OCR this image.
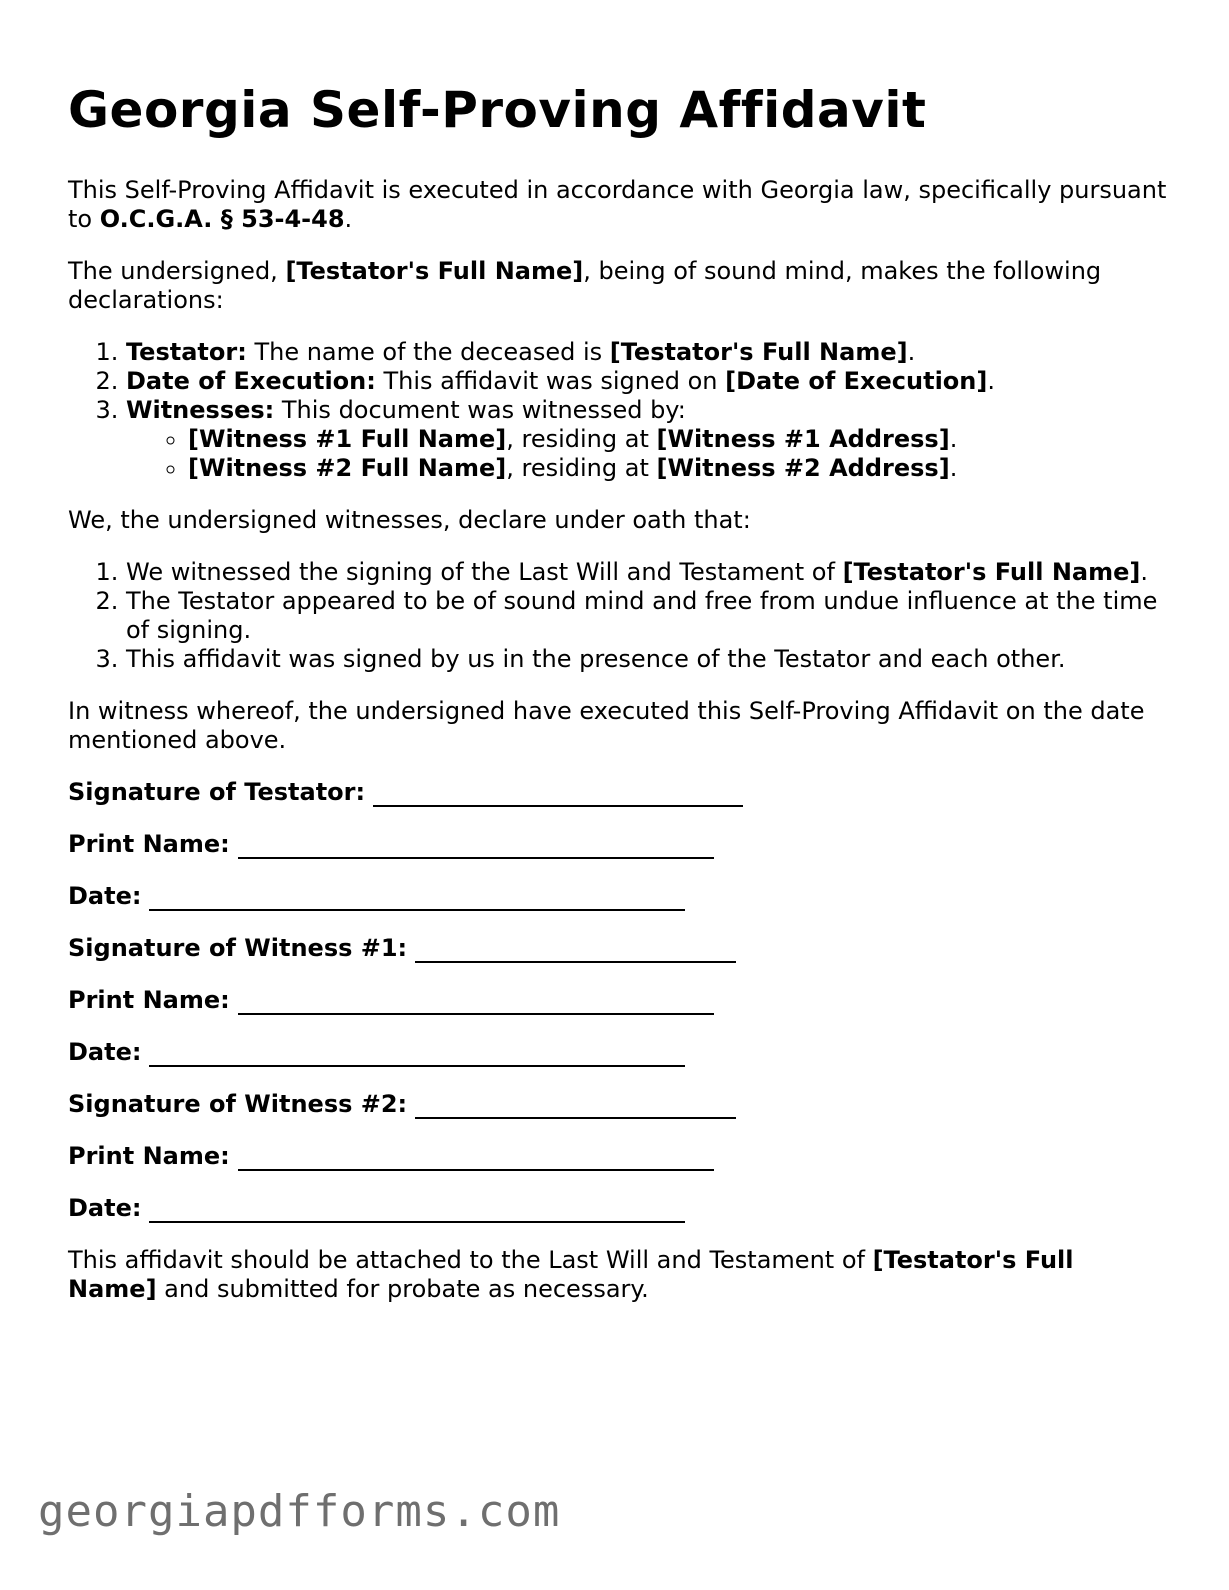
Georgia Self-Proving Affidavit

This Self-Proving Affidavit is executed in accordance with Georgia law, specifically pursuant to O.C.G.A. § 53-4-48.

The undersigned, [Testator's Full Name], being of sound mind, makes the following declarations:

1. Testator: The name of the deceased is [Testator's Full Name].
2. Date of Execution: This affidavit was signed on [Date of Execution].
3. Witnesses: This document was witnessed by:
◦ [Witness #1 Full Name], residing at [Witness #1 Address].
◦ [Witness #2 Full Name], residing at [Witness #2 Address].

We, the undersigned witnesses, declare under oath that:

1. We witnessed the signing of the Last Will and Testament of [Testator's Full Name].
2. The Testator appeared to be of sound mind and free from undue influence at the time of signing.
3. This affidavit was signed by us in the presence of the Testator and each other.

In witness whereof, the undersigned have executed this Self-Proving Affidavit on the date mentioned above.

Signature of Testator:
Print Name:
Date:
Signature of Witness #1:
Print Name:
Date:
Signature of Witness #2:
Print Name:
Date:

This affidavit should be attached to the Last Will and Testament of [Testator's Full Name] and submitted for probate as necessary.

georgiapdfforms.com
